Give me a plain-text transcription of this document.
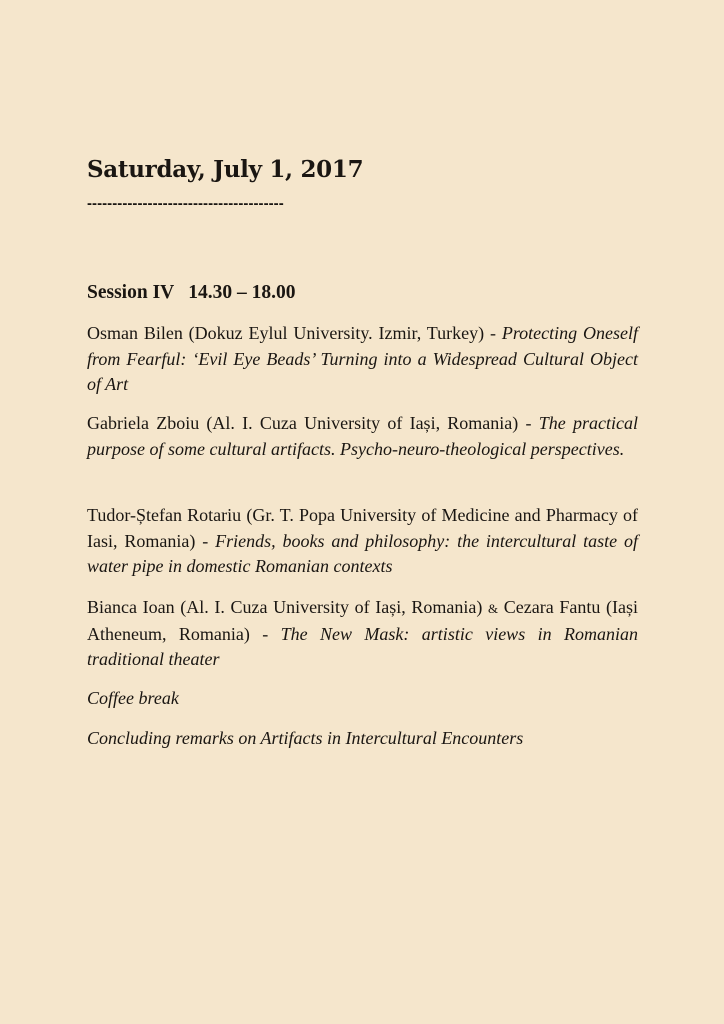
Saturday, July 1, 2017
---------------------------------------
Session IV 14.30 – 18.00
Osman Bilen (Dokuz Eylul University. Izmir, Turkey) - Protecting Oneself from Fearful: ‘Evil Eye Beads’ Turning into a Widespread Cultural Object of Art
Gabriela Zboiu (Al. I. Cuza University of Iași, Romania) - The practical purpose of some cultural artifacts. Psycho-neuro-theological perspectives.
Tudor-Ștefan Rotariu (Gr. T. Popa University of Medicine and Pharmacy of Iasi, Romania) - Friends, books and philosophy: the intercultural taste of water pipe in domestic Romanian contexts
Bianca Ioan (Al. I. Cuza University of Iași, Romania) & Cezara Fantu (Iași Atheneum, Romania) - The New Mask: artistic views in Romanian traditional theater
Coffee break
Concluding remarks on Artifacts in Intercultural Encounters
